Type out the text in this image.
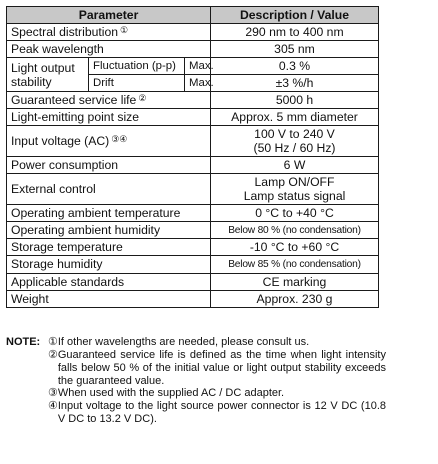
Parameter			Description / Value
Spectral distribution ①			290 nm to 400 nm
Peak wavelength			305 nm

Light output
stability	Fluctuation (p-p)	Max.	0.3 %
	Drift	Max.	±3 %/h
Guaranteed service life ②			5000 h
Light-emitting point size			Approx. 5 mm diameter
Input voltage (AC) ③④			100 V to 240 V
(50 Hz / 60 Hz)

Power consumption			6 W
External control			Lamp ON/OFF
Lamp status signal

Operating ambient temperature			0 °C to +40 °C
Operating ambient humidity			Below 80 % (no condensation)
Storage temperature			-10 °C to +60 °C
Storage humidity			Below 85 % (no condensation)
Applicable standards			CE marking
Weight			Approx. 230 g
NOTE: ① If other wavelengths are needed, please consult us.
② Guaranteed service life is defined as the time when light intensity falls below 50 % of the initial value or light output stability exceeds the guaranteed value.
③ When used with the supplied AC / DC adapter.
④ Input voltage to the light source power connector is 12 V DC (10.8 V DC to 13.2 V DC).
